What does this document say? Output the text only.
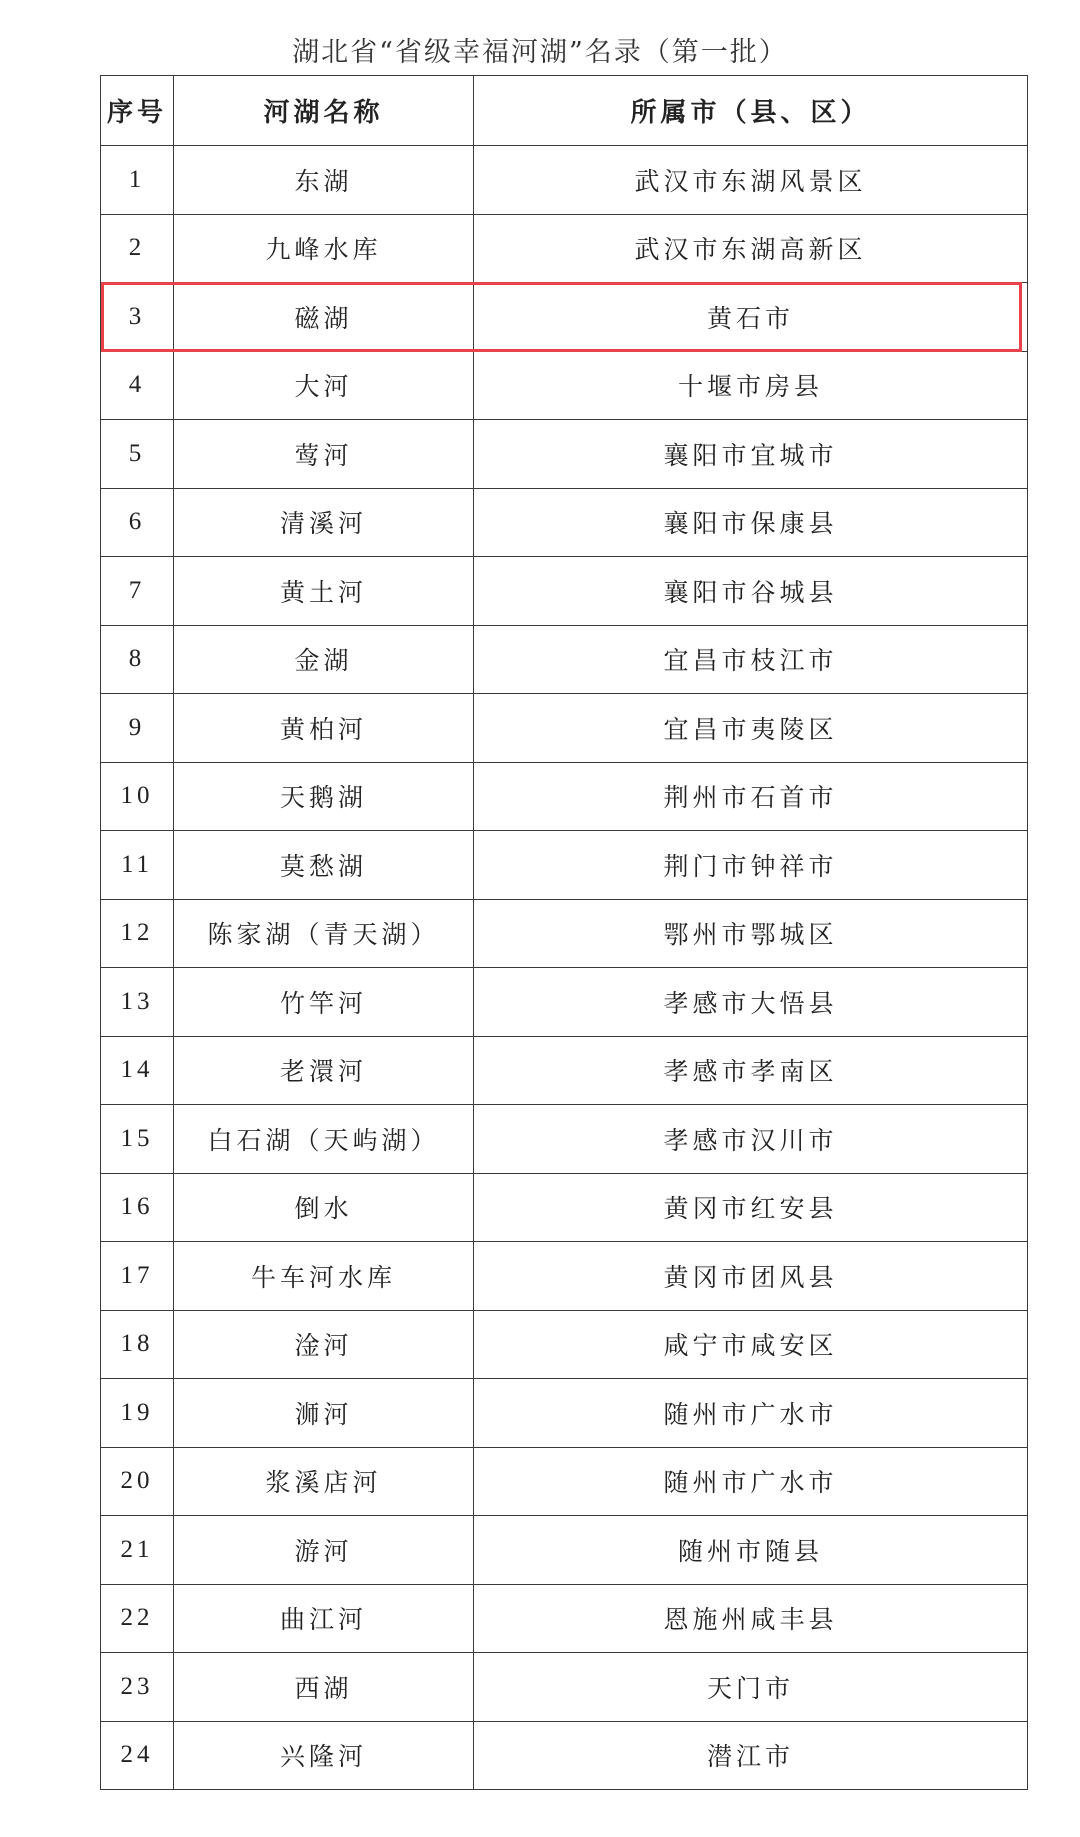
湖北省“省级幸福河湖”名录（第一批）
序号	河湖名称	所属市（县、区）
1	东湖	武汉市东湖风景区
2	九峰水库	武汉市东湖高新区
3	磁湖	黄石市
4	大河	十堰市房县
5	莺河	襄阳市宜城市
6	清溪河	襄阳市保康县
7	黄土河	襄阳市谷城县
8	金湖	宜昌市枝江市
9	黄柏河	宜昌市夷陵区
10	天鹅湖	荆州市石首市
11	莫愁湖	荆门市钟祥市
12	陈家湖（青天湖）	鄂州市鄂城区
13	竹竿河	孝感市大悟县
14	老澴河	孝感市孝南区
15	白石湖（天屿湖）	孝感市汉川市
16	倒水	黄冈市红安县
17	牛车河水库	黄冈市团风县
18	淦河	咸宁市咸安区
19	浉河	随州市广水市
20	浆溪店河	随州市广水市
21	游河	随州市随县
22	曲江河	恩施州咸丰县
23	西湖	天门市
24	兴隆河	潜江市
